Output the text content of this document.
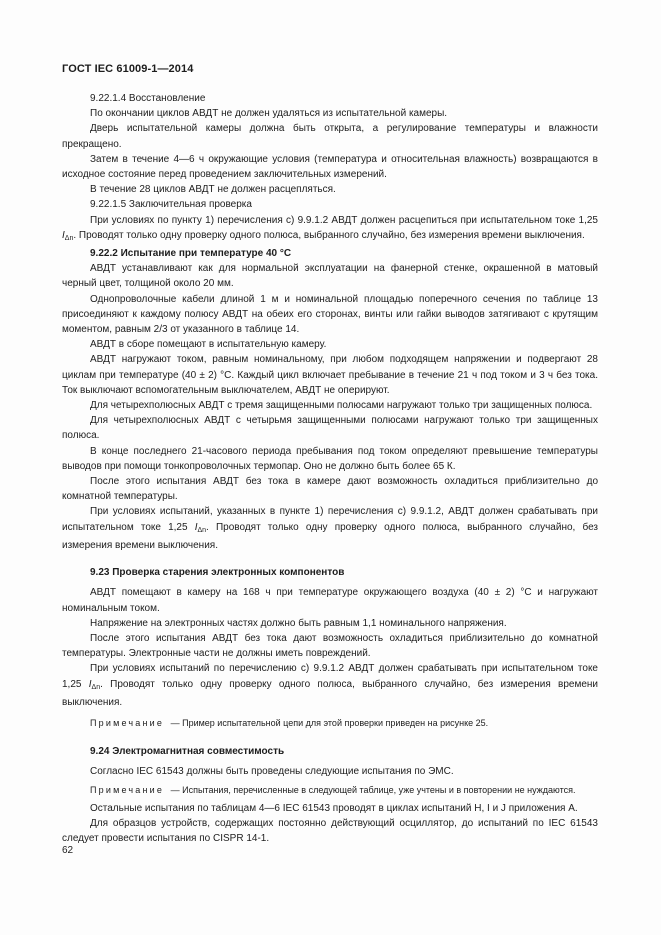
ГОСТ IEC 61009-1—2014

9.22.1.4 Восстановление

По окончании циклов АВДТ не должен удаляться из испытательной камеры.

Дверь испытательной камеры должна быть открыта, а регулирование температуры и влажности прекращено.

Затем в течение 4—6 ч окружающие условия (температура и относительная влажность) возвращаются в исходное состояние перед проведением заключительных измерений.

В течение 28 циклов АВДТ не должен расцепляться.

9.22.1.5 Заключительная проверка

При условиях по пункту 1) перечисления с) 9.9.1.2 АВДТ должен расцепиться при испытательном токе 1,25 $I_{\Delta n}$. Проводят только одну проверку одного полюса, выбранного случайно, без измерения времени выключения.

9.22.2 Испытание при температуре 40 °С

АВДТ устанавливают как для нормальной эксплуатации на фанерной стенке, окрашенной в матовый черный цвет, толщиной около 20 мм.

Однопроволочные кабели длиной 1 м и номинальной площадью поперечного сечения по таблице 13 присоединяют к каждому полюсу АВДТ на обеих его сторонах, винты или гайки выводов затягивают с крутящим моментом, равным 2/3 от указанного в таблице 14.

АВДТ в сборе помещают в испытательную камеру.

АВДТ нагружают током, равным номинальному, при любом подходящем напряжении и подвергают 28 циклам при температуре (40 ± 2) °С. Каждый цикл включает пребывание в течение 21 ч под током и 3 ч без тока. Ток выключают вспомогательным выключателем, АВДТ не оперируют.

Для четырехполюсных АВДТ с тремя защищенными полюсами нагружают только три защищенных полюса.

Для четырехполюсных АВДТ с четырьмя защищенными полюсами нагружают только три защищенных полюса.

В конце последнего 21-часового периода пребывания под током определяют превышение температуры выводов при помощи тонкопроволочных термопар. Оно не должно быть более 65 К.

После этого испытания АВДТ без тока в камере дают возможность охладиться приблизительно до комнатной температуры.

При условиях испытаний, указанных в пункте 1) перечисления с) 9.9.1.2, АВДТ должен срабатывать при испытательном токе 1,25 $I_{\Delta n}$. Проводят только одну проверку одного полюса, выбранного случайно, без измерения времени выключения.

9.23 Проверка старения электронных компонентов

АВДТ помещают в камеру на 168 ч при температуре окружающего воздуха (40 ± 2) °С и нагружают номинальным током.

Напряжение на электронных частях должно быть равным 1,1 номинального напряжения.

После этого испытания АВДТ без тока дают возможность охладиться приблизительно до комнатной температуры. Электронные части не должны иметь повреждений.

При условиях испытаний по перечислению с) 9.9.1.2 АВДТ должен срабатывать при испытательном токе 1,25 $I_{\Delta n}$. Проводят только одну проверку одного полюса, выбранного случайно, без измерения времени выключения.

Примечание — Пример испытательной цепи для этой проверки приведен на рисунке 25.

9.24 Электромагнитная совместимость

Согласно IEC 61543 должны быть проведены следующие испытания по ЭМС.

Примечание — Испытания, перечисленные в следующей таблице, уже учтены и в повторении не нуждаются.

Остальные испытания по таблицам 4—6 IEC 61543 проводят в циклах испытаний H, I и J приложения А.

Для образцов устройств, содержащих постоянно действующий осциллятор, до испытаний по IEC 61543 следует провести испытания по CISPR 14-1.

62
